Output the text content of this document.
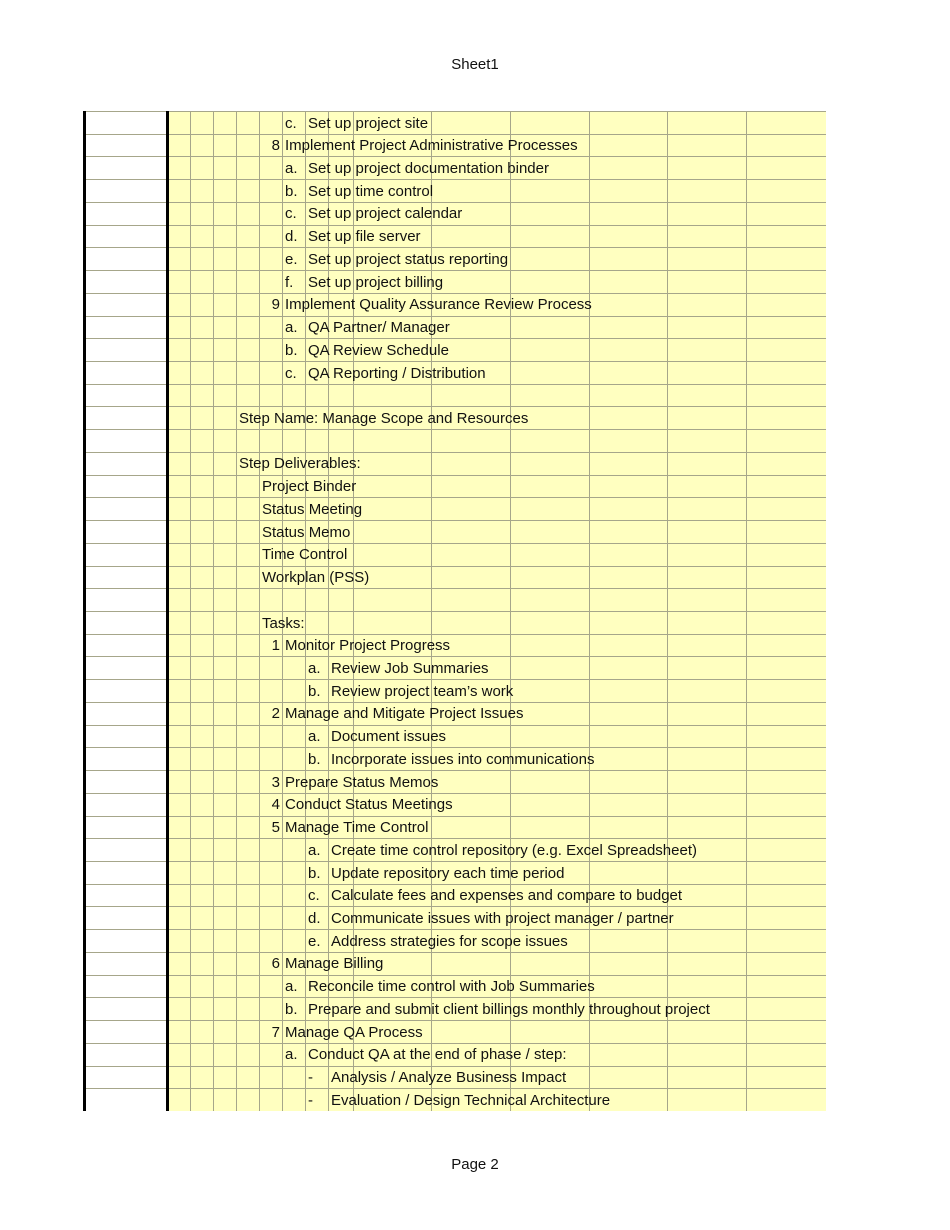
Sheet1
c. Set up project site
8 Implement Project Administrative Processes
a. Set up project documentation binder
b. Set up time control
c. Set up project calendar
d. Set up file server
e. Set up project status reporting
f. Set up project billing
9 Implement Quality Assurance Review Process
a. QA Partner/ Manager
b. QA Review Schedule
c. QA Reporting / Distribution
Step Name: Manage Scope and Resources
Step Deliverables:
Project Binder
Status Meeting
Status Memo
Time Control
Workplan (PSS)
Tasks:
1 Monitor Project Progress
a. Review Job Summaries
b. Review project team’s work
2 Manage and Mitigate Project Issues
a. Document issues
b. Incorporate issues into communications
3 Prepare Status Memos
4 Conduct Status Meetings
5 Manage Time Control
a. Create time control repository (e.g. Excel Spreadsheet)
b. Update repository each time period
c. Calculate fees and expenses and compare to budget
d. Communicate issues with project manager / partner
e. Address strategies for scope issues
6 Manage Billing
a. Reconcile time control with Job Summaries
b. Prepare and submit client billings monthly throughout project
7 Manage QA Process
a. Conduct QA at the end of phase / step:
- Analysis / Analyze Business Impact
- Evaluation / Design Technical Architecture
Page 2
